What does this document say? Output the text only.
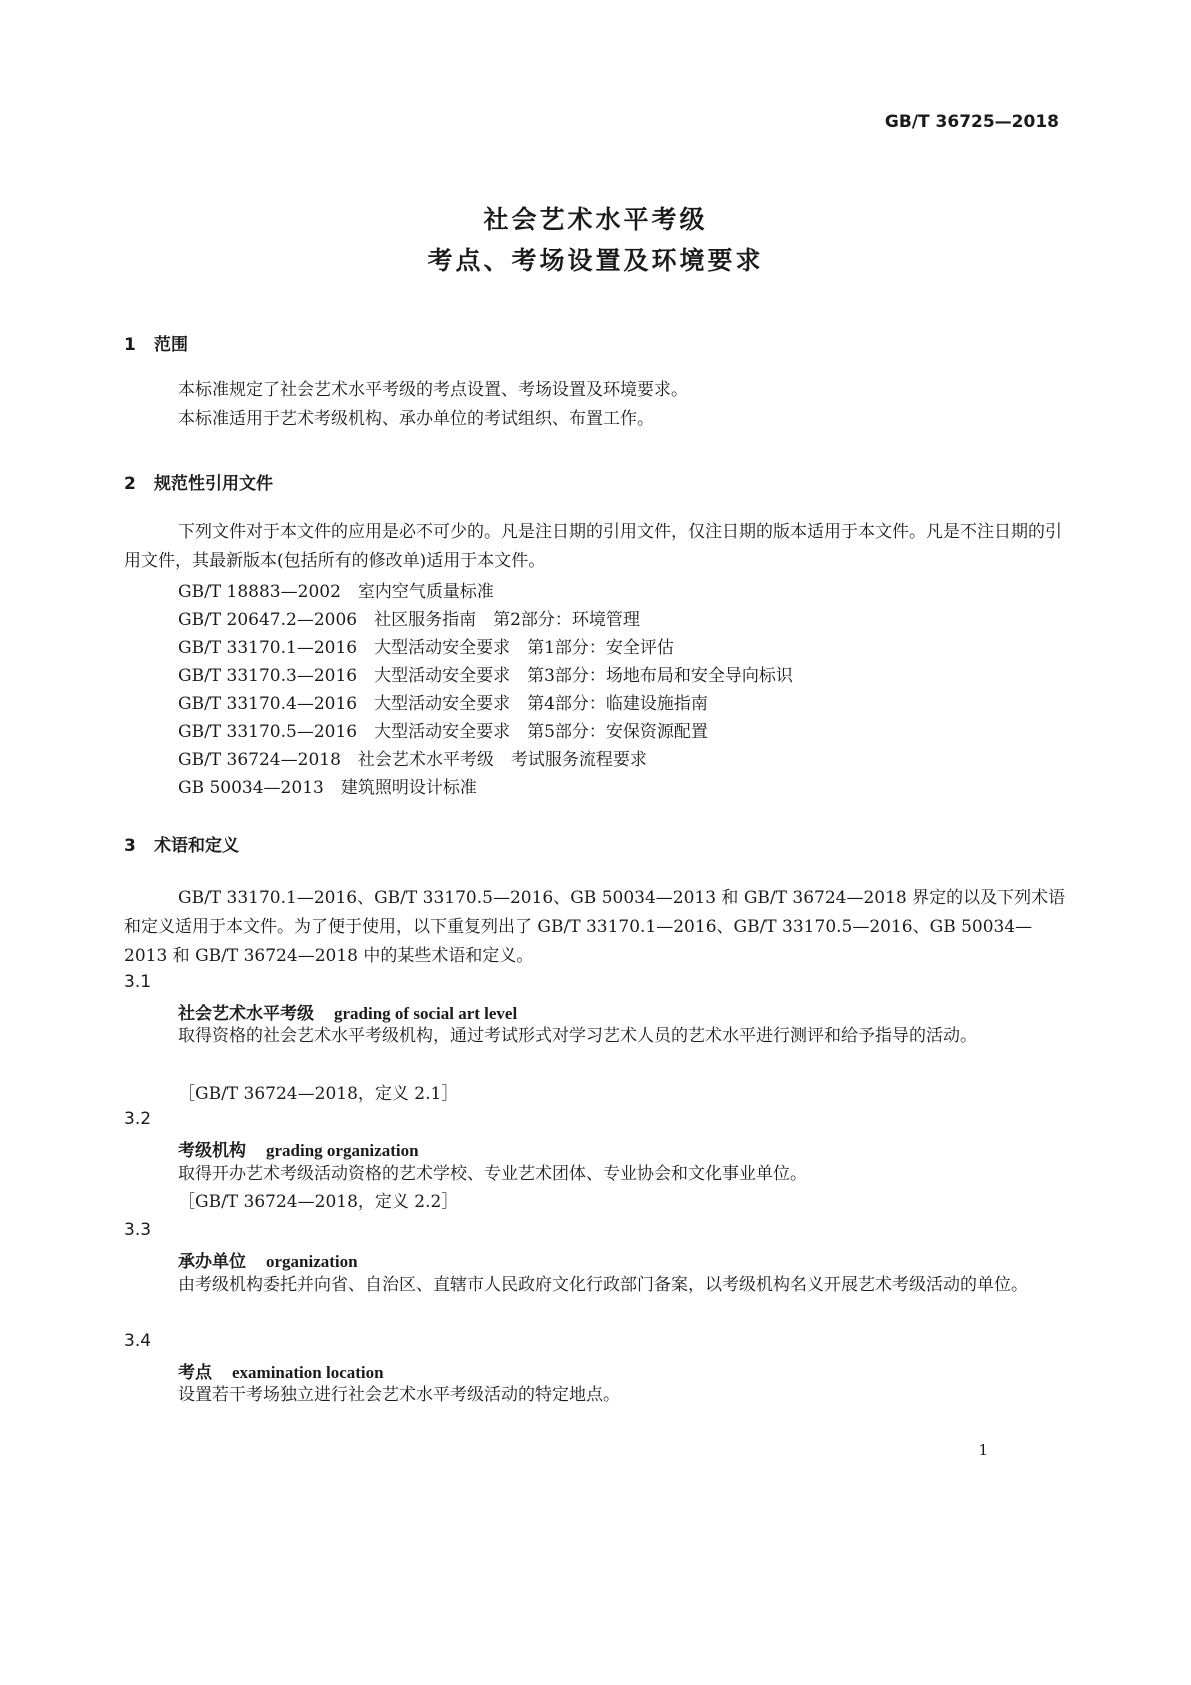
GB/T 36725—2018
社会艺术水平考级
考点、考场设置及环境要求
1 范围
本标准规定了社会艺术水平考级的考点设置、考场设置及环境要求。
本标准适用于艺术考级机构、承办单位的考试组织、布置工作。
2 规范性引用文件
下列文件对于本文件的应用是必不可少的。凡是注日期的引用文件，仅注日期的版本适用于本文件。凡是不注日期的引用文件，其最新版本(包括所有的修改单)适用于本文件。
GB/T 18883—2002　室内空气质量标准
GB/T 20647.2—2006　社区服务指南　第2部分：环境管理
GB/T 33170.1—2016　大型活动安全要求　第1部分：安全评估
GB/T 33170.3—2016　大型活动安全要求　第3部分：场地布局和安全导向标识
GB/T 33170.4—2016　大型活动安全要求　第4部分：临建设施指南
GB/T 33170.5—2016　大型活动安全要求　第5部分：安保资源配置
GB/T 36724—2018　社会艺术水平考级　考试服务流程要求
GB 50034—2013　建筑照明设计标准
3 术语和定义
GB/T 33170.1—2016、GB/T 33170.5—2016、GB 50034—2013 和 GB/T 36724—2018 界定的以及下列术语和定义适用于本文件。为了便于使用，以下重复列出了 GB/T 33170.1—2016、GB/T 33170.5—2016、GB 50034—2013 和 GB/T 36724—2018 中的某些术语和定义。
3.1
社会艺术水平考级 grading of social art level
取得资格的社会艺术水平考级机构，通过考试形式对学习艺术人员的艺术水平进行测评和给予指导的活动。
［GB/T 36724—2018，定义 2.1］
3.2
考级机构 grading organization
取得开办艺术考级活动资格的艺术学校、专业艺术团体、专业协会和文化事业单位。
［GB/T 36724—2018，定义 2.2］
3.3
承办单位 organization
由考级机构委托并向省、自治区、直辖市人民政府文化行政部门备案，以考级机构名义开展艺术考级活动的单位。
3.4
考点 examination location
设置若干考场独立进行社会艺术水平考级活动的特定地点。
1
